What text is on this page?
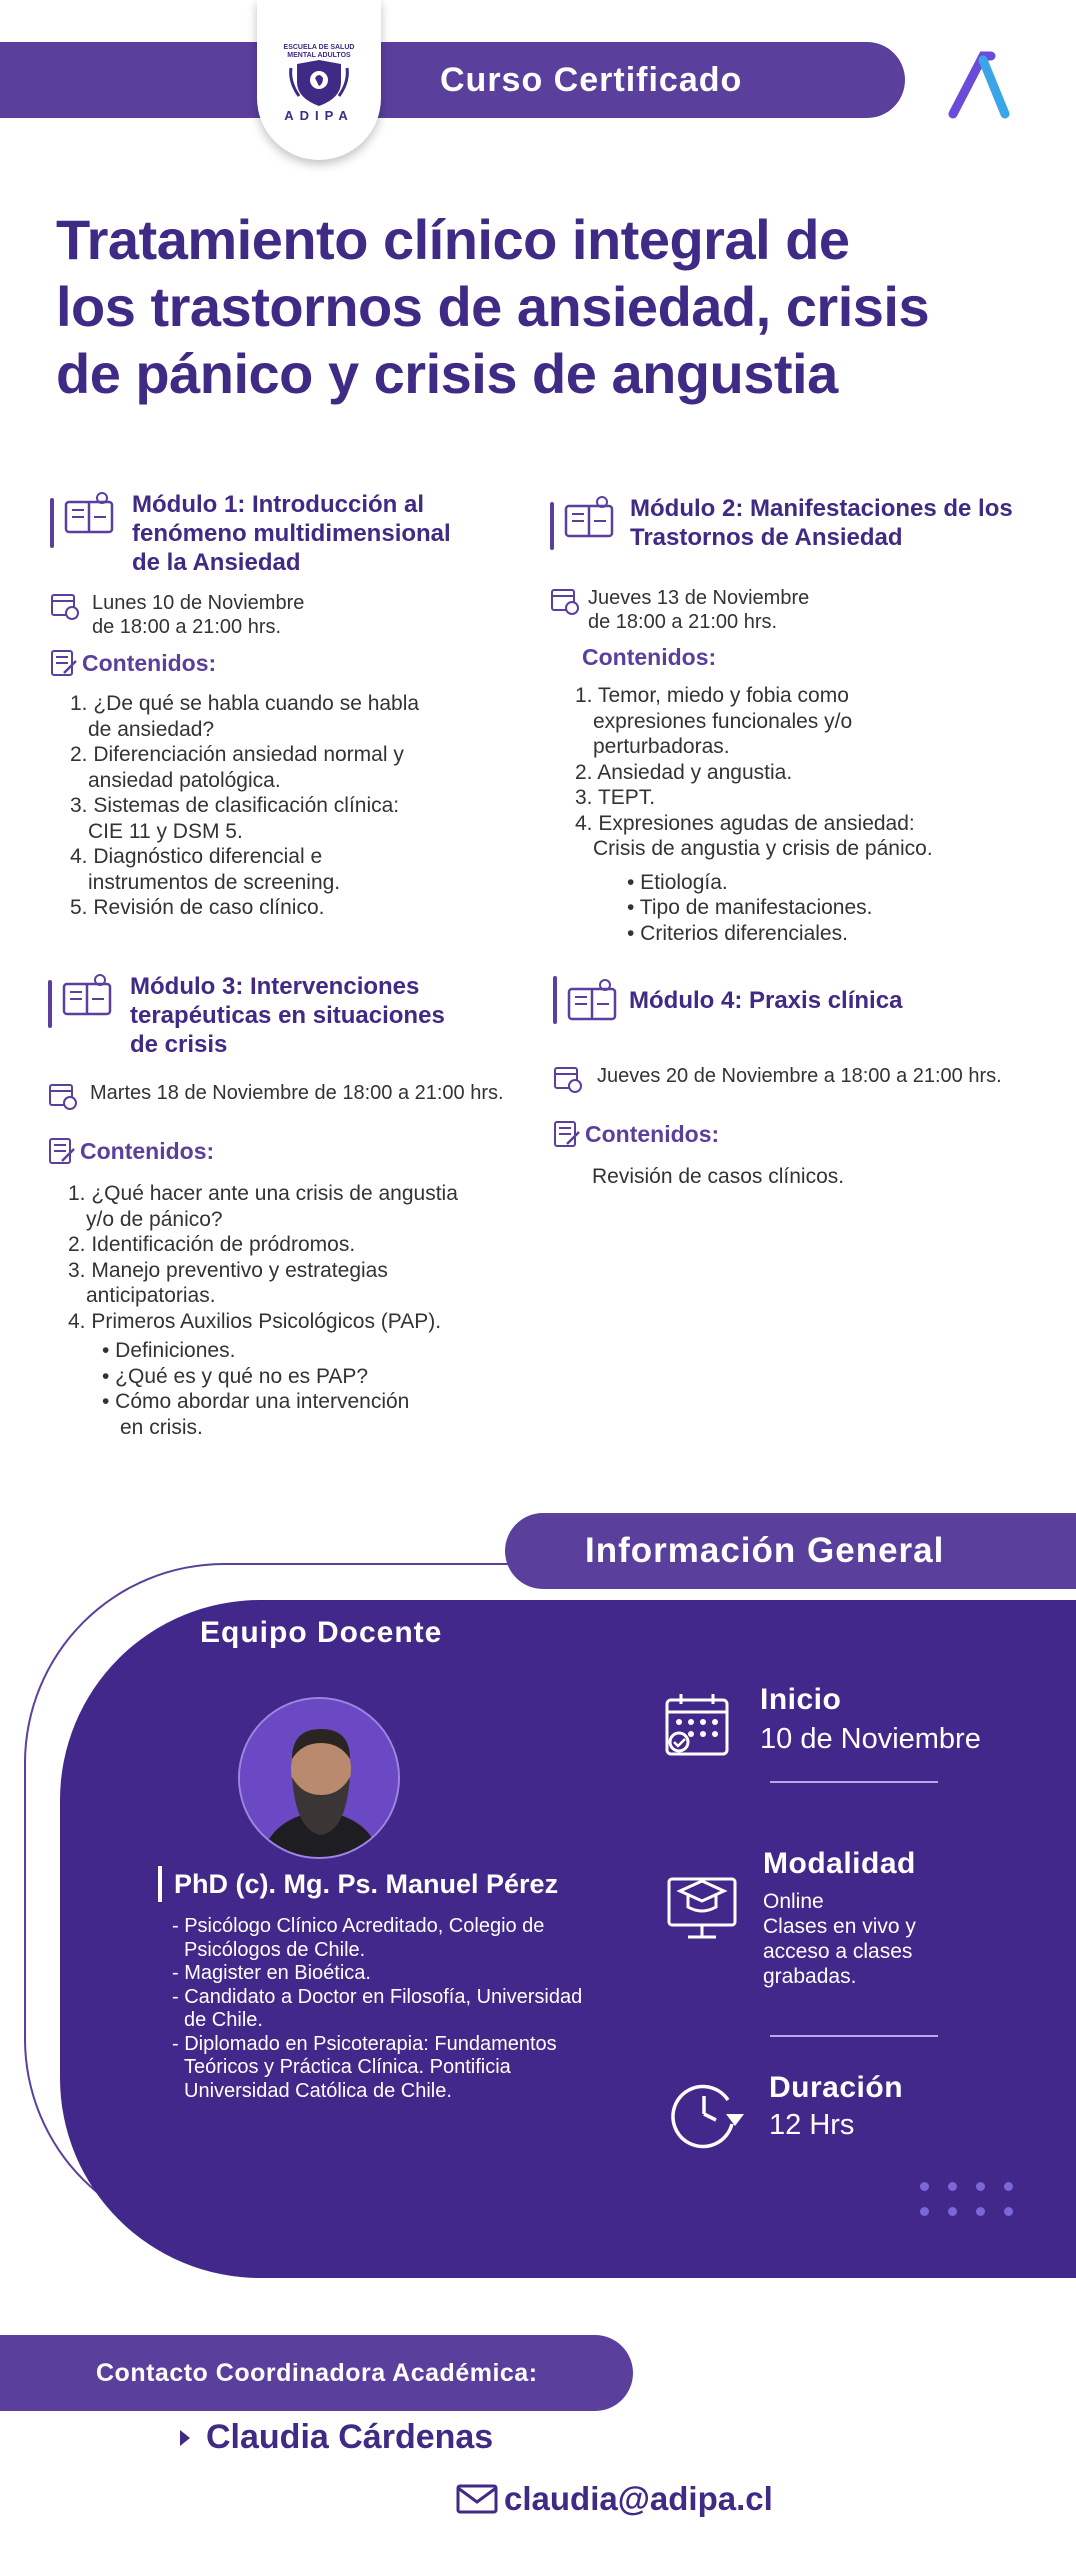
Curso Certificado
ESCUELA DE SALUD MENTAL ADULTOS
ADIPA
Tratamiento clínico integral de
los trastornos de ansiedad, crisis
de pánico y crisis de angustia
Módulo 1: Introducción al
fenómeno multidimensional
de la Ansiedad
Lunes 10 de Noviembre
de 18:00 a 21:00 hrs.
Contenidos:
1. ¿De qué se habla cuando se habla
de ansiedad?
2. Diferenciación ansiedad normal y
ansiedad patológica.
3. Sistemas de clasificación clínica:
CIE 11 y DSM 5.
4. Diagnóstico diferencial e
instrumentos de screening.
5. Revisión de caso clínico.
Módulo 2: Manifestaciones de los
Trastornos de Ansiedad
Jueves 13 de Noviembre
de 18:00 a 21:00 hrs.
Contenidos:
1. Temor, miedo y fobia como
expresiones funcionales y/o
perturbadoras.
2. Ansiedad y angustia.
3. TEPT.
4. Expresiones agudas de ansiedad:
Crisis de angustia y crisis de pánico.
• Etiología.
• Tipo de manifestaciones.
• Criterios diferenciales.
Módulo 3: Intervenciones
terapéuticas en situaciones
de crisis
Martes 18 de Noviembre de 18:00 a 21:00 hrs.
Contenidos:
1. ¿Qué hacer ante una crisis de angustia
y/o de pánico?
2. Identificación de pródromos.
3. Manejo preventivo y estrategias
anticipatorias.
4. Primeros Auxilios Psicológicos (PAP).
• Definiciones.
• ¿Qué es y qué no es PAP?
• Cómo abordar una intervención
en crisis.
Módulo 4: Praxis clínica
Jueves 20 de Noviembre a 18:00 a 21:00 hrs.
Contenidos:
Revisión de casos clínicos.
Información General
Equipo Docente
PhD (c). Mg. Ps. Manuel Pérez
- Psicólogo Clínico Acreditado, Colegio de
Psicólogos de Chile.
- Magister en Bioética.
- Candidato a Doctor en Filosofía, Universidad
de Chile.
- Diplomado en Psicoterapia: Fundamentos
Teóricos y Práctica Clínica. Pontificia
Universidad Católica de Chile.
Inicio
10 de Noviembre
Modalidad
Online
Clases en vivo y
acceso a clases
grabadas.
Duración
12 Hrs
Contacto Coordinadora Académica:
Claudia Cárdenas
claudia@adipa.cl
